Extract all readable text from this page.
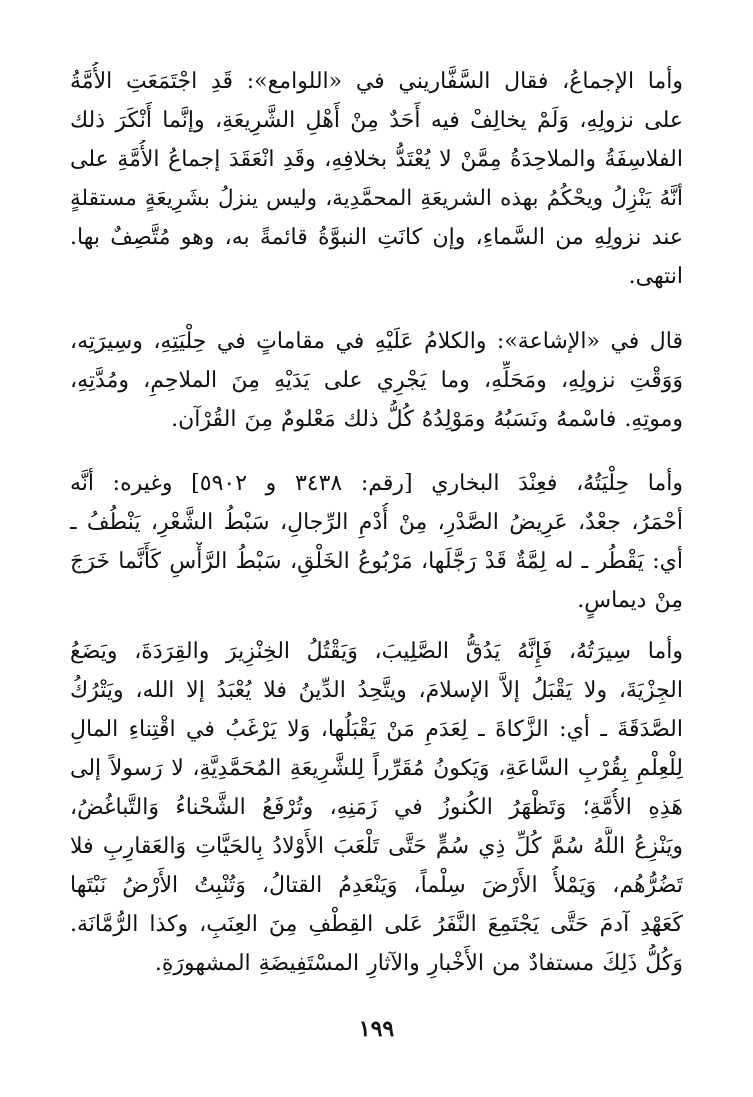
وأما الإجماعُ، فقال السَّفَّاريني في «اللوامع»: قَدِ اجْتَمَعَتِ الأُمَّةُ
على نزولِهِ، وَلَمْ يخالِفْ فيه أَحَدٌ مِنْ أَهْلِ الشَّرِيعَةِ، وإنَّما أَنْكَرَ ذلك
الفلاسِفَةُ والملاحِدَةُ مِمَّنْ لا يُعْتَدُّ بخلافِهِ، وقَدِ انْعَقَدَ إجماعُ الأُمَّةِ على
أنَّهُ يَنْزِلُ ويحْكُمُ بهذه الشريعَةِ المحمَّدِية، وليس ينزلُ بشَرِيعَةٍ مستقلةٍ
عند نزولِهِ من السَّماءِ، وإن كانَتِ النبوَّةُ قائمةً به، وهو مُتَّصِفٌ بها.
انتهى.
قال في «الإشاعة»: والكلامُ عَلَيْهِ في مقاماتٍ في حِلْيَتِهِ، وسِيرَتِه،
وَوَقْتِ نزولِهِ، ومَحَلِّهِ، وما يَجْرِي على يَدَيْهِ مِنَ الملاحِمِ، ومُدَّتِهِ،
وموتِهِ. فاسْمهُ ونَسَبُهُ ومَوْلِدُهُ كُلُّ ذلك مَعْلومٌ مِنَ القُرْآن.
وأما حِلْيَتُهُ، فعِنْدَ البخاري [رقم: ٣٤٣٨ و ٥٩٠٢] وغيره: أنَّه
أحْمَرُ، جعْدٌ، عَرِيضُ الصَّدْرِ، مِنْ أُدْمِ الرِّجالِ، سَبْطُ الشَّعْرِ، يَنْطُفُ ـ
أي: يَقْطُر ـ له لِمَّةٌ قَدْ رَجَّلَها، مَرْبُوعُ الخَلْقِ، سَبْطُ الرَّأْسِ كَأَنَّما خَرَجَ
مِنْ ديماسٍ.
وأما سِيرَتُهُ، فَإِنَّهُ يَدُقُّ الصَّلِيبَ، وَيَقْتُلُ الخِنْزِيرَ والقِرَدَةَ، ويَضَعُ
الجِزْيَةَ، ولا يَقْبَلُ إلاَّ الإسلامَ، ويتَّحِدُ الدِّينُ فلا يُعْبَدُ إلا الله، ويَتْرُكُ
الصَّدَقَةَ ـ أي: الزَّكاةَ ـ لِعَدَمِ مَنْ يَقْبَلُها، وَلا يَرْغَبُ في اقْتِناءِ المالِ
لِلْعِلْمِ بِقُرْبِ السَّاعَةِ، وَيَكونُ مُقَرِّراً لِلشَّرِيعَةِ المُحَمَّدِيَّةِ، لا رَسولاً إلى
هَذِهِ الأُمَّةِ؛ وَتَظْهَرُ الكُنوزُ في زَمَنِهِ، وتُرْفَعُ الشَّحْناءُ وَالتَّباغُضُ،
ويَنْزِعُ اللَّهُ سُمَّ كُلِّ ذِي سُمٍّ حَتَّى تَلْعَبَ الأَوْلادُ بِالحَيَّاتِ وَالعَقارِبِ فلا
تَضُرُّهُم، وَيَمْلأُ الأَرْضَ سِلْماً، وَيَنْعَدِمُ القتالُ، وَتُنْبِتُ الأَرْضُ نَبْتَها
كَعَهْدِ آدمَ حَتَّى يَجْتَمِعَ النَّفَرُ عَلى القِطْفِ مِنَ العِنَبِ، وكذا الرُّمَّانَة.
وَكُلُّ ذَلِكَ مستفادٌ من الأَخْبارِ والآثارِ المسْتَفِيضَةِ المشهورَةِ.
١٩٩
